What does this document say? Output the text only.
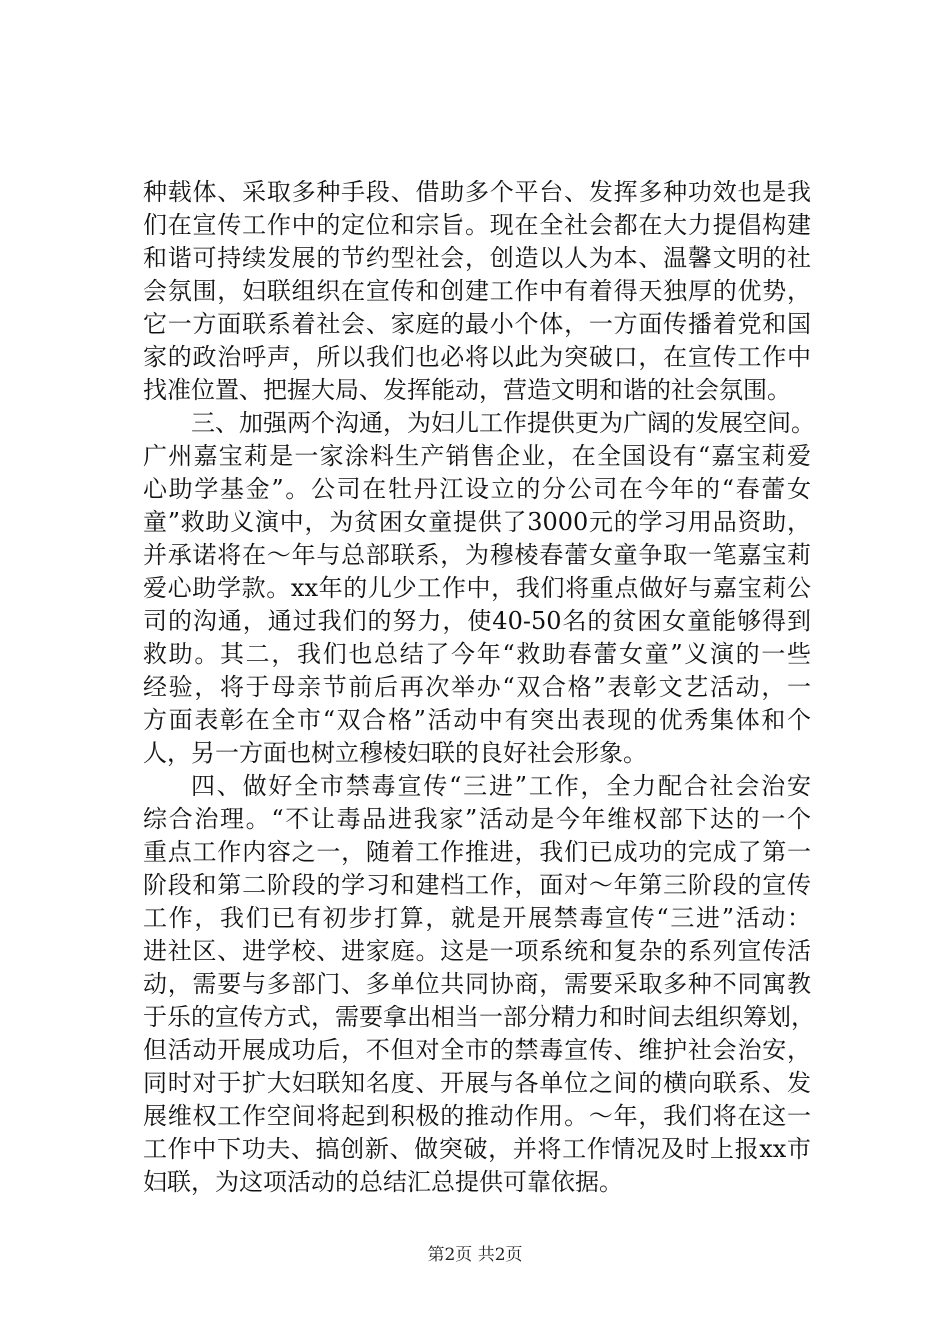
种载体、采取多种手段、借助多个平台、发挥多种功效也是我
们在宣传工作中的定位和宗旨。现在全社会都在大力提倡构建
和谐可持续发展的节约型社会，创造以人为本、温馨文明的社
会氛围，妇联组织在宣传和创建工作中有着得天独厚的优势，
它一方面联系着社会、家庭的最小个体，一方面传播着党和国
家的政治呼声，所以我们也必将以此为突破口，在宣传工作中
找准位置、把握大局、发挥能动，营造文明和谐的社会氛围。
三、加强两个沟通，为妇儿工作提供更为广阔的发展空间。
广州嘉宝莉是一家涂料生产销售企业，在全国设有“嘉宝莉爱
心助学基金”。公司在牡丹江设立的分公司在今年的“春蕾女
童”救助义演中，为贫困女童提供了3000元的学习用品资助，
并承诺将在～年与总部联系，为穆棱春蕾女童争取一笔嘉宝莉
爱心助学款。xx年的儿少工作中，我们将重点做好与嘉宝莉公
司的沟通，通过我们的努力，使40-50名的贫困女童能够得到
救助。其二，我们也总结了今年“救助春蕾女童”义演的一些
经验，将于母亲节前后再次举办“双合格”表彰文艺活动，一
方面表彰在全市“双合格”活动中有突出表现的优秀集体和个
人，另一方面也树立穆棱妇联的良好社会形象。
四、做好全市禁毒宣传“三进”工作，全力配合社会治安
综合治理。“不让毒品进我家”活动是今年维权部下达的一个
重点工作内容之一，随着工作推进，我们已成功的完成了第一
阶段和第二阶段的学习和建档工作，面对～年第三阶段的宣传
工作，我们已有初步打算，就是开展禁毒宣传“三进”活动：
进社区、进学校、进家庭。这是一项系统和复杂的系列宣传活
动，需要与多部门、多单位共同协商，需要采取多种不同寓教
于乐的宣传方式，需要拿出相当一部分精力和时间去组织筹划，
但活动开展成功后，不但对全市的禁毒宣传、维护社会治安，
同时对于扩大妇联知名度、开展与各单位之间的横向联系、发
展维权工作空间将起到积极的推动作用。～年，我们将在这一
工作中下功夫、搞创新、做突破，并将工作情况及时上报xx市
妇联，为这项活动的总结汇总提供可靠依据。
第2页 共2页
